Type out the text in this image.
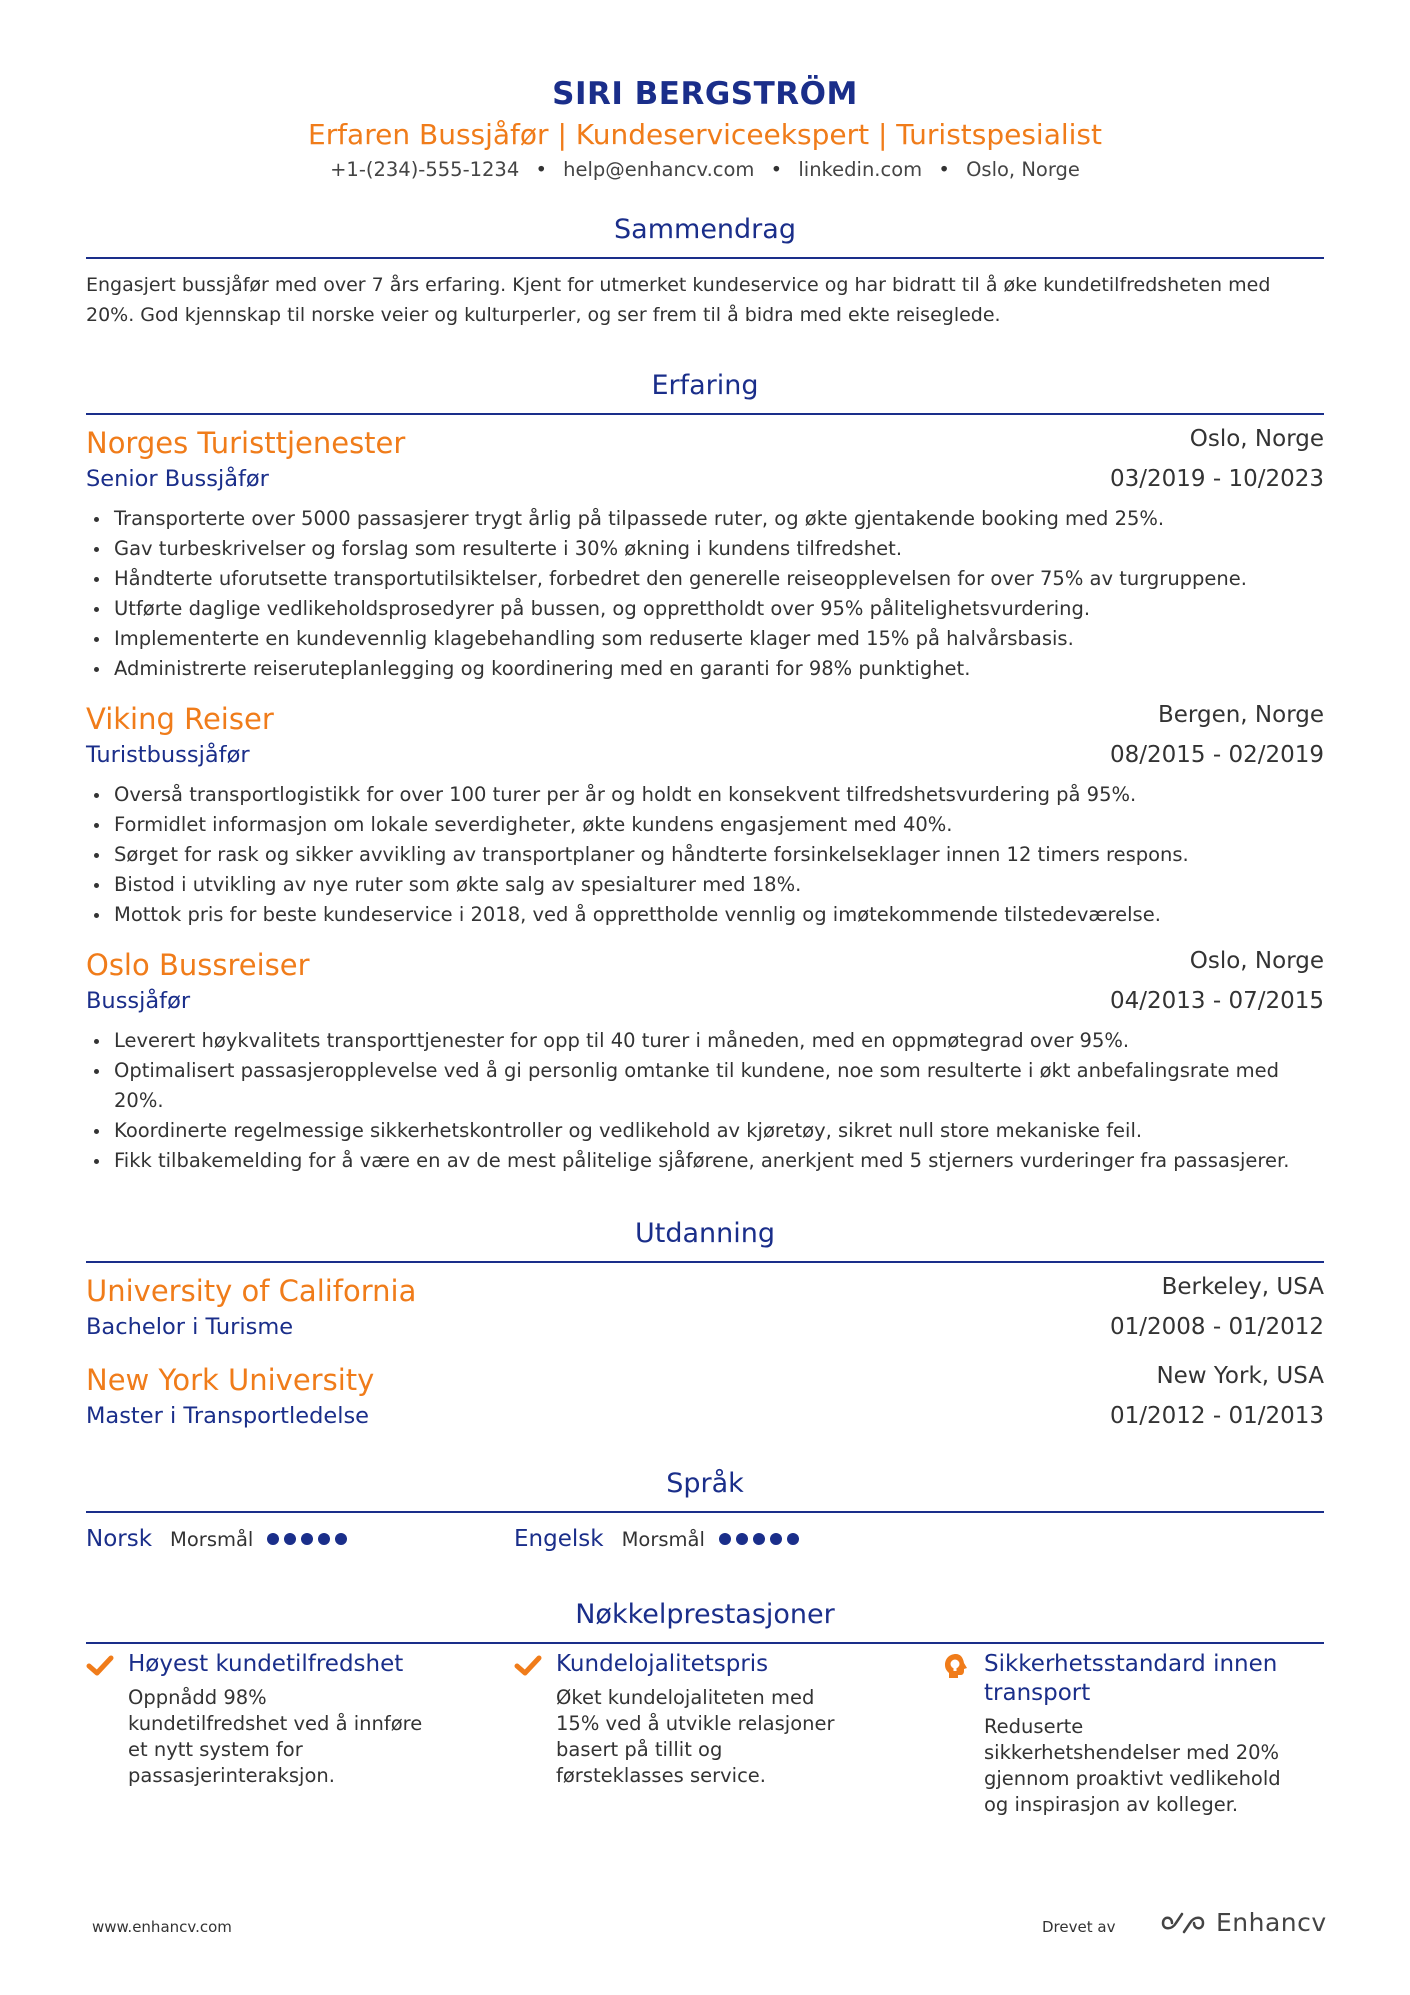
SIRI BERGSTRÖM
Erfaren Bussjåfør | Kundeserviceekspert | Turistspesialist
+1-(234)-555-1234 • help@enhancv.com • linkedin.com • Oslo, Norge
Sammendrag
Engasjert bussjåfør med over 7 års erfaring. Kjent for utmerket kundeservice og har bidratt til å øke kundetilfredsheten med 20%. God kjennskap til norske veier og kulturperler, og ser frem til å bidra med ekte reiseglede.
Erfaring
Norges Turisttjenester	Oslo, Norge
Senior Bussjåfør	03/2019 - 10/2023
Transporterte over 5000 passasjerer trygt årlig på tilpassede ruter, og økte gjentakende booking med 25%.
Gav turbeskrivelser og forslag som resulterte i 30% økning i kundens tilfredshet.
Håndterte uforutsette transportutilsiktelser, forbedret den generelle reiseopplevelsen for over 75% av turgruppene.
Utførte daglige vedlikeholdsprosedyrer på bussen, og opprettholdt over 95% pålitelighetsvurdering.
Implementerte en kundevennlig klagebehandling som reduserte klager med 15% på halvårsbasis.
Administrerte reiseruteplanlegging og koordinering med en garanti for 98% punktighet.
Viking Reiser	Bergen, Norge
Turistbussjåfør	08/2015 - 02/2019
Overså transportlogistikk for over 100 turer per år og holdt en konsekvent tilfredshetsvurdering på 95%.
Formidlet informasjon om lokale severdigheter, økte kundens engasjement med 40%.
Sørget for rask og sikker avvikling av transportplaner og håndterte forsinkelseklager innen 12 timers respons.
Bistod i utvikling av nye ruter som økte salg av spesialturer med 18%.
Mottok pris for beste kundeservice i 2018, ved å opprettholde vennlig og imøtekommende tilstedeværelse.
Oslo Bussreiser	Oslo, Norge
Bussjåfør	04/2013 - 07/2015
Leverert høykvalitets transporttjenester for opp til 40 turer i måneden, med en oppmøtegrad over 95%.
Optimalisert passasjeropplevelse ved å gi personlig omtanke til kundene, noe som resulterte i økt anbefalingsrate med 20%.
Koordinerte regelmessige sikkerhetskontroller og vedlikehold av kjøretøy, sikret null store mekaniske feil.
Fikk tilbakemelding for å være en av de mest pålitelige sjåførene, anerkjent med 5 stjerners vurderinger fra passasjerer.
Utdanning
University of California	Berkeley, USA
Bachelor i Turisme	01/2008 - 01/2012
New York University	New York, USA
Master i Transportledelse	01/2012 - 01/2013
Språk
Norsk Morsmål	Engelsk Morsmål
Nøkkelprestasjoner
Høyest kundetilfredshet
Oppnådd 98% kundetilfredshet ved å innføre et nytt system for passasjerinteraksjon.
Kundelojalitetspris
Øket kundelojaliteten med 15% ved å utvikle relasjoner basert på tillit og førsteklasses service.
Sikkerhetsstandard innen transport
Reduserte sikkerhetshendelser med 20% gjennom proaktivt vedlikehold og inspirasjon av kolleger.
www.enhancv.com	Drevet av	Enhancv
